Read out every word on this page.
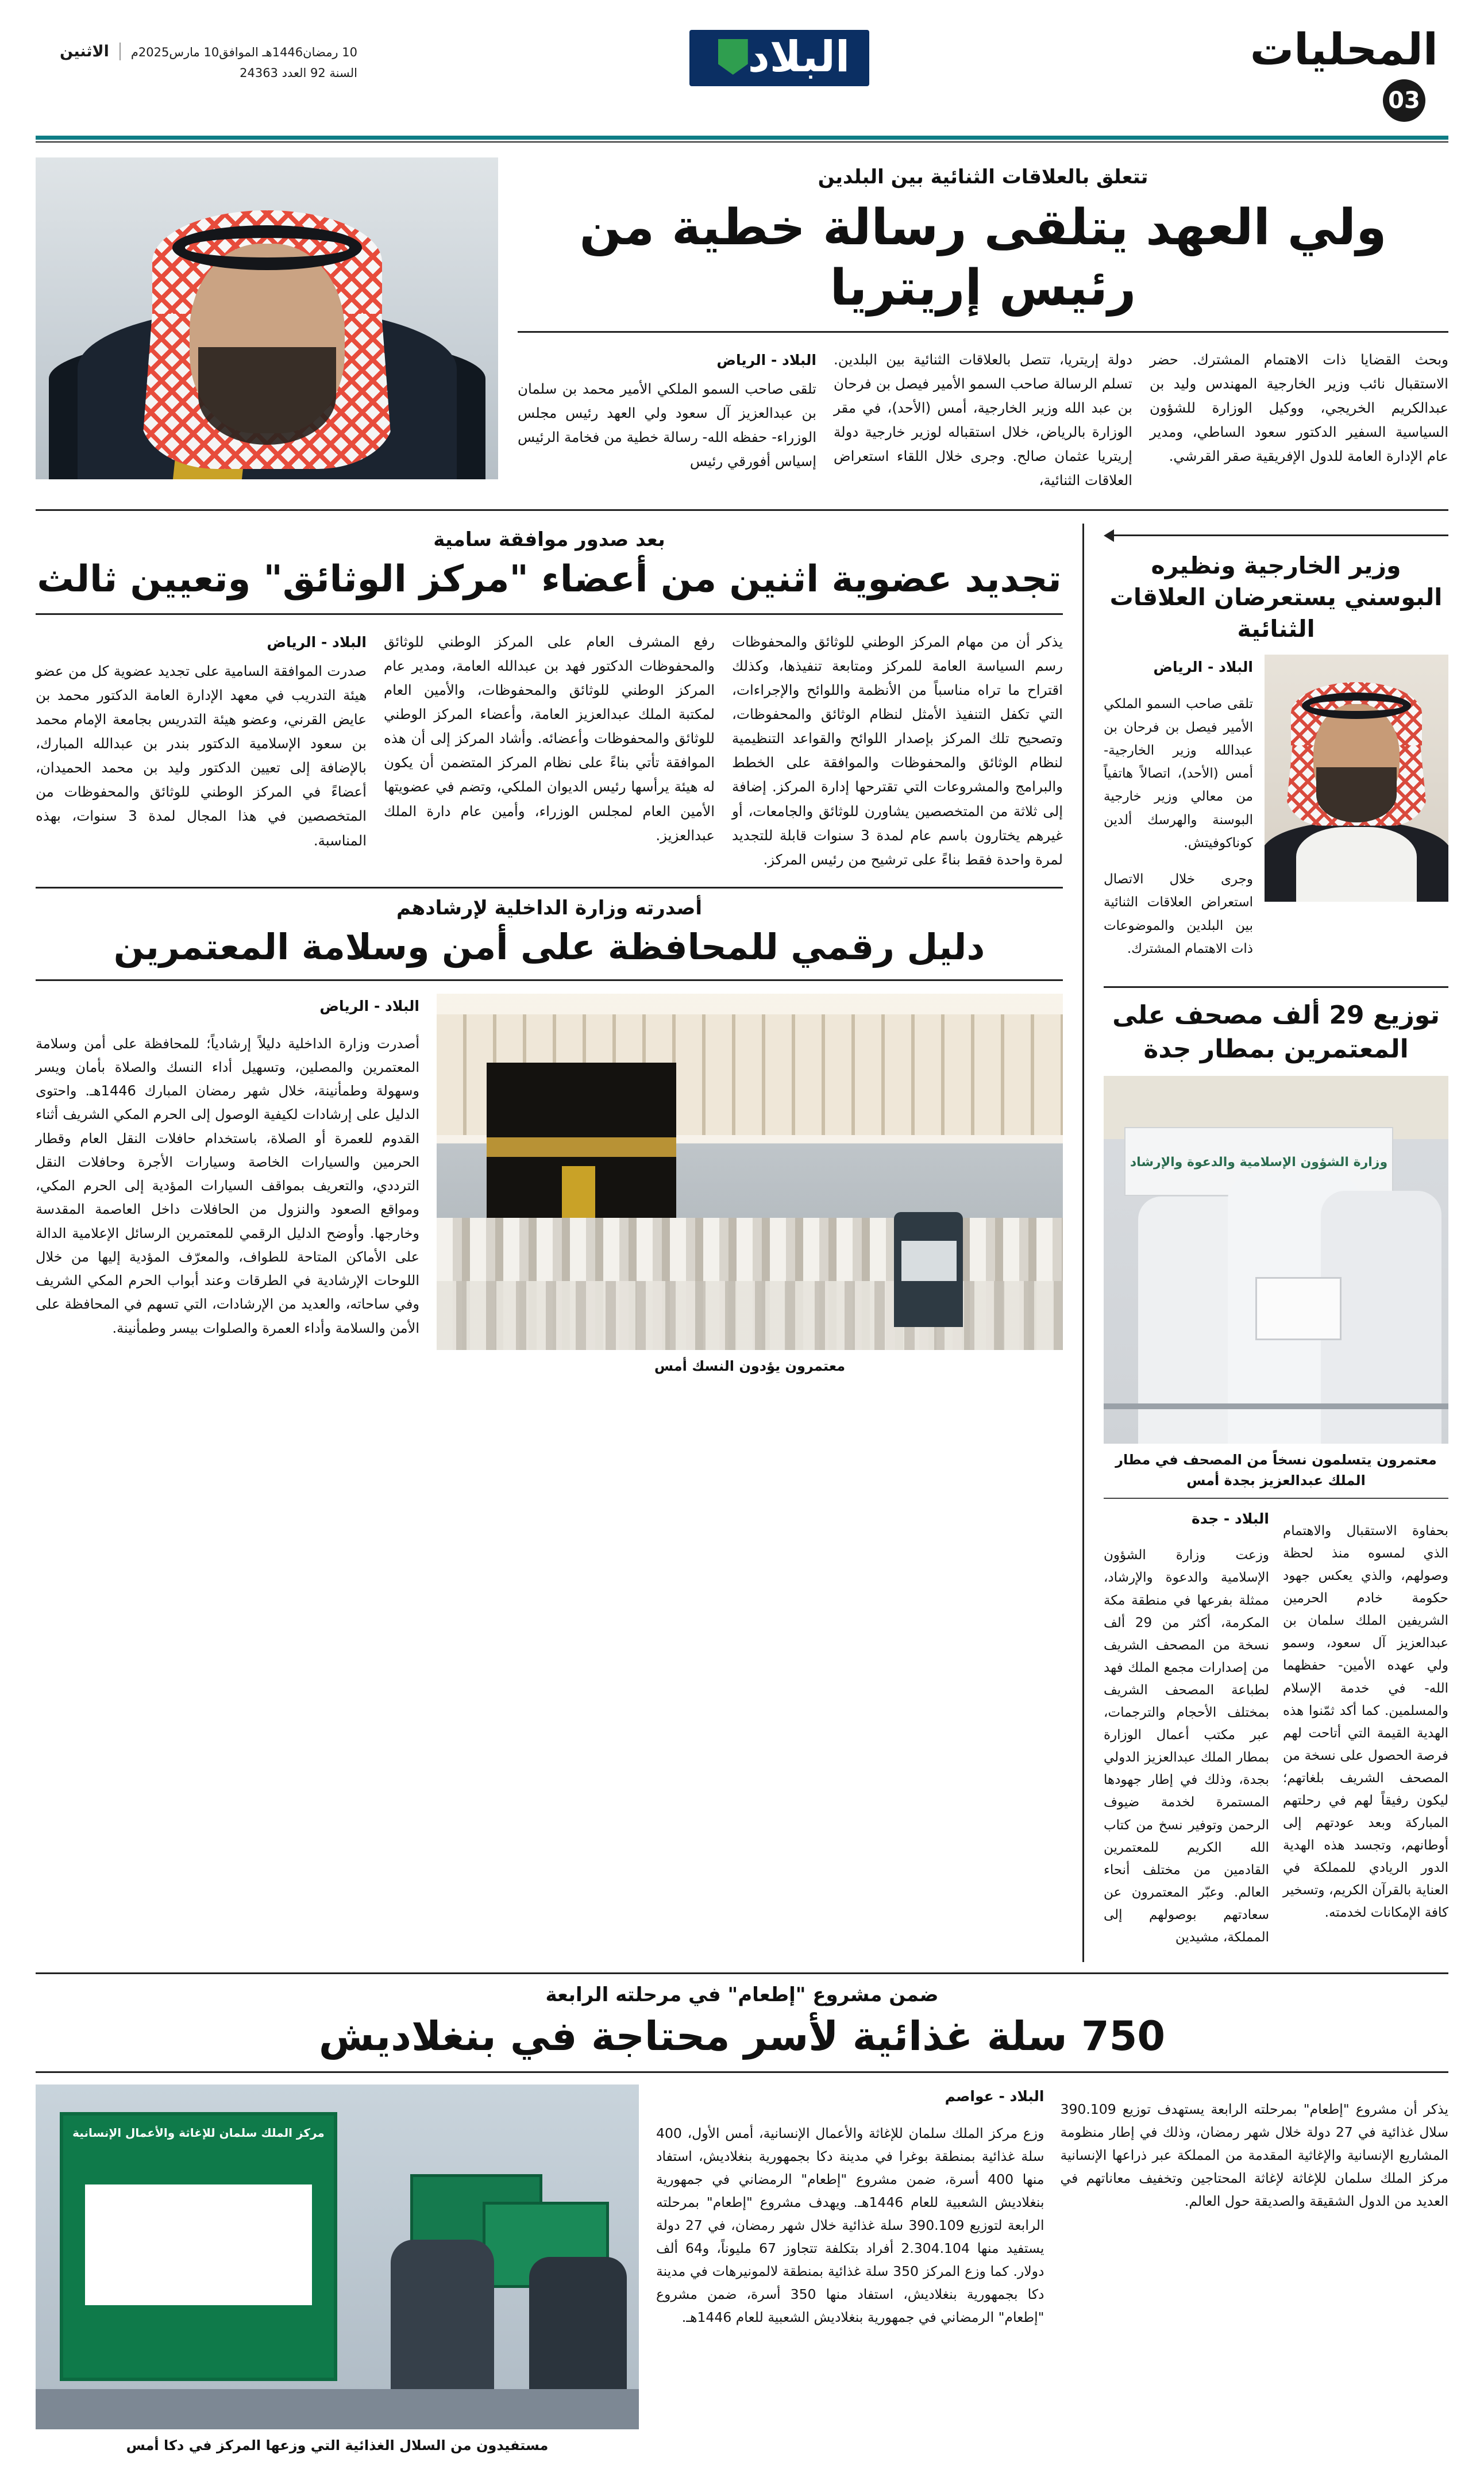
المحليات
03
البلاد
10 رمضان1446هـ الموافق10 مارس2025م
السنة 92 العدد 24363
الاثنين
تتعلق بالعلاقات الثنائية بين البلدين
ولي العهد يتلقى رسالة خطية من رئيس إريتريا

وبحث القضايا ذات الاهتمام المشترك. حضر الاستقبال نائب وزير الخارجية المهندس وليد بن عبدالكريم الخريجي، ووكيل الوزارة للشؤون السياسية السفير الدكتور سعود الساطي، ومدير عام الإدارة العامة للدول الإفريقية صقر القرشي.

دولة إريتريا، تتصل بالعلاقات الثنائية بين البلدين. تسلم الرسالة صاحب السمو الأمير فيصل بن فرحان بن عبد الله وزير الخارجية، أمس (الأحد)، في مقر الوزارة بالرياض، خلال استقباله لوزير خارجية دولة إريتريا عثمان صالح. وجرى خلال اللقاء استعراض العلاقات الثنائية،

البلاد - الرياض

تلقى صاحب السمو الملكي الأمير محمد بن سلمان بن عبدالعزيز آل سعود ولي العهد رئيس مجلس الوزراء- حفظه الله- رسالة خطية من فخامة الرئيس إسياس أفورقي رئيس

وزير الخارجية ونظيره البوسني يستعرضان العلاقات الثنائية
البلاد - الرياض

تلقى صاحب السمو الملكي الأمير فيصل بن فرحان بن عبدالله وزير الخارجية- أمس (الأحد)، اتصالاً هاتفياً من معالي وزير خارجية البوسنة والهرسك ألدين كوناكوفيتش.

وجرى خلال الاتصال استعراض العلاقات الثنائية بين البلدين والموضوعات ذات الاهتمام المشترك.

توزيع 29 ألف مصحف على المعتمرين بمطار جدة
وزارة الشؤون الإسلامية والدعوة والإرشاد
معتمرون يتسلمون نسخاً من المصحف في مطار الملك عبدالعزيز بجدة أمس

بحفاوة الاستقبال والاهتمام الذي لمسوه منذ لحظة وصولهم، والذي يعكس جهود حكومة خادم الحرمين الشريفين الملك سلمان بن عبدالعزيز آل سعود، وسمو ولي عهده الأمين- حفظهما الله- في خدمة الإسلام والمسلمين. كما أكد ثمّنوا هذه الهدية القيمة التي أتاحت لهم فرصة الحصول على نسخة من المصحف الشريف بلغاتهم؛ ليكون رفيقاً لهم في رحلتهم المباركة وبعد عودتهم إلى أوطانهم، وتجسد هذه الهدية الدور الريادي للمملكة في العناية بالقرآن الكريم، وتسخير كافة الإمكانات لخدمته.

البلاد - جدة

وزعت وزارة الشؤون الإسلامية والدعوة والإرشاد، ممثلة بفرعها في منطقة مكة المكرمة، أكثر من 29 ألف نسخة من المصحف الشريف من إصدارات مجمع الملك فهد لطباعة المصحف الشريف بمختلف الأحجام والترجمات، عبر مكتب أعمال الوزارة بمطار الملك عبدالعزيز الدولي بجدة، وذلك في إطار جهودها المستمرة لخدمة ضيوف الرحمن وتوفير نسخ من كتاب الله الكريم للمعتمرين القادمين من مختلف أنحاء العالم. وعبّر المعتمرون عن سعادتهم بوصولهم إلى المملكة، مشيدين

بعد صدور موافقة سامية
تجديد عضوية اثنين من أعضاء "مركز الوثائق" وتعيين ثالث

يذكر أن من مهام المركز الوطني للوثائق والمحفوظات رسم السياسة العامة للمركز ومتابعة تنفيذها، وكذلك اقتراح ما تراه مناسباً من الأنظمة واللوائح والإجراءات، التي تكفل التنفيذ الأمثل لنظام الوثائق والمحفوظات، وتصحيح تلك المركز بإصدار اللوائح والقواعد التنظيمية لنظام الوثائق والمحفوظات والموافقة على الخطط والبرامج والمشروعات التي تقترحها إدارة المركز. إضافة إلى ثلاثة من المتخصصين يشاورن للوثائق والجامعات، أو غيرهم يختارون باسم عام لمدة 3 سنوات قابلة للتجديد لمرة واحدة فقط بناءً على ترشيح من رئيس المركز.

رفع المشرف العام على المركز الوطني للوثائق والمحفوظات الدكتور فهد بن عبدالله العامة، ومدير عام المركز الوطني للوثائق والمحفوظات، والأمين العام لمكتبة الملك عبدالعزيز العامة، وأعضاء المركز الوطني للوثائق والمحفوظات وأعضائه. وأشاد المركز إلى أن هذه الموافقة تأتي بناءً على نظام المركز المتضمن أن يكون له هيئة يرأسها رئيس الديوان الملكي، وتضم في عضويتها الأمين العام لمجلس الوزراء، وأمين عام دارة الملك عبدالعزيز.

البلاد - الرياض

صدرت الموافقة السامية على تجديد عضوية كل من عضو هيئة التدريب في معهد الإدارة العامة الدكتور محمد بن عايض القرني، وعضو هيئة التدريس بجامعة الإمام محمد بن سعود الإسلامية الدكتور بندر بن عبدالله المبارك، بالإضافة إلى تعيين الدكتور وليد بن محمد الحميدان، أعضاءً في المركز الوطني للوثائق والمحفوظات من المتخصصين في هذا المجال لمدة 3 سنوات، بهذه المناسبة.

أصدرته وزارة الداخلية لإرشادهم
دليل رقمي للمحافظة على أمن وسلامة المعتمرين
معتمرون يؤدون النسك أمس
البلاد - الرياض

أصدرت وزارة الداخلية دليلاً إرشادياً؛ للمحافظة على أمن وسلامة المعتمرين والمصلين، وتسهيل أداء النسك والصلاة بأمان ويسر وسهولة وطمأنينة، خلال شهر رمضان المبارك 1446هـ. واحتوى الدليل على إرشادات لكيفية الوصول إلى الحرم المكي الشريف أثناء القدوم للعمرة أو الصلاة، باستخدام حافلات النقل العام وقطار الحرمين والسيارات الخاصة وسيارات الأجرة وحافلات النقل الترددي، والتعريف بمواقف السيارات المؤدية إلى الحرم المكي، ومواقع الصعود والنزول من الحافلات داخل العاصمة المقدسة وخارجها. وأوضح الدليل الرقمي للمعتمرين الرسائل الإعلامية الدالة على الأماكن المتاحة للطواف، والمعرّف المؤدية إليها من خلال اللوحات الإرشادية في الطرقات وعند أبواب الحرم المكي الشريف وفي ساحاته، والعديد من الإرشادات، التي تسهم في المحافظة على الأمن والسلامة وأداء العمرة والصلوات بيسر وطمأنينة.

ضمن مشروع "إطعام" في مرحلته الرابعة
750 سلة غذائية لأسر محتاجة في بنغلاديش

يذكر أن مشروع "إطعام" بمرحلته الرابعة يستهدف توزيع 390.109 سلال غذائية في 27 دولة خلال شهر رمضان، وذلك في إطار منظومة المشاريع الإنسانية والإغاثية المقدمة من المملكة عبر ذراعها الإنسانية مركز الملك سلمان للإغاثة لإغاثة المحتاجين وتخفيف معاناتهم في العديد من الدول الشقيقة والصديقة حول العالم.

البلاد - عواصم

وزع مركز الملك سلمان للإغاثة والأعمال الإنسانية، أمس الأول، 400 سلة غذائية بمنطقة بوغرا في مدينة دكا بجمهورية بنغلاديش، استفاد منها 400 أسرة، ضمن مشروع "إطعام" الرمضاني في جمهورية بنغلاديش الشعبية للعام 1446هـ. ويهدف مشروع "إطعام" بمرحلته الرابعة لتوزيع 390.109 سلة غذائية خلال شهر رمضان، في 27 دولة يستفيد منها 2.304.104 أفراد بتكلفة تتجاوز 67 مليوناً، و64 ألف دولار. كما وزع المركز 350 سلة غذائية بمنطقة لالمونيرهات في مدينة دكا بجمهورية بنغلاديش، استفاد منها 350 أسرة، ضمن مشروع "إطعام" الرمضاني في جمهورية بنغلاديش الشعبية للعام 1446هـ.

مركز الملك سلمان للإغاثة والأعمال الإنسانية
مستفيدون من السلال الغذائية التي وزعها المركز في دكا أمس
